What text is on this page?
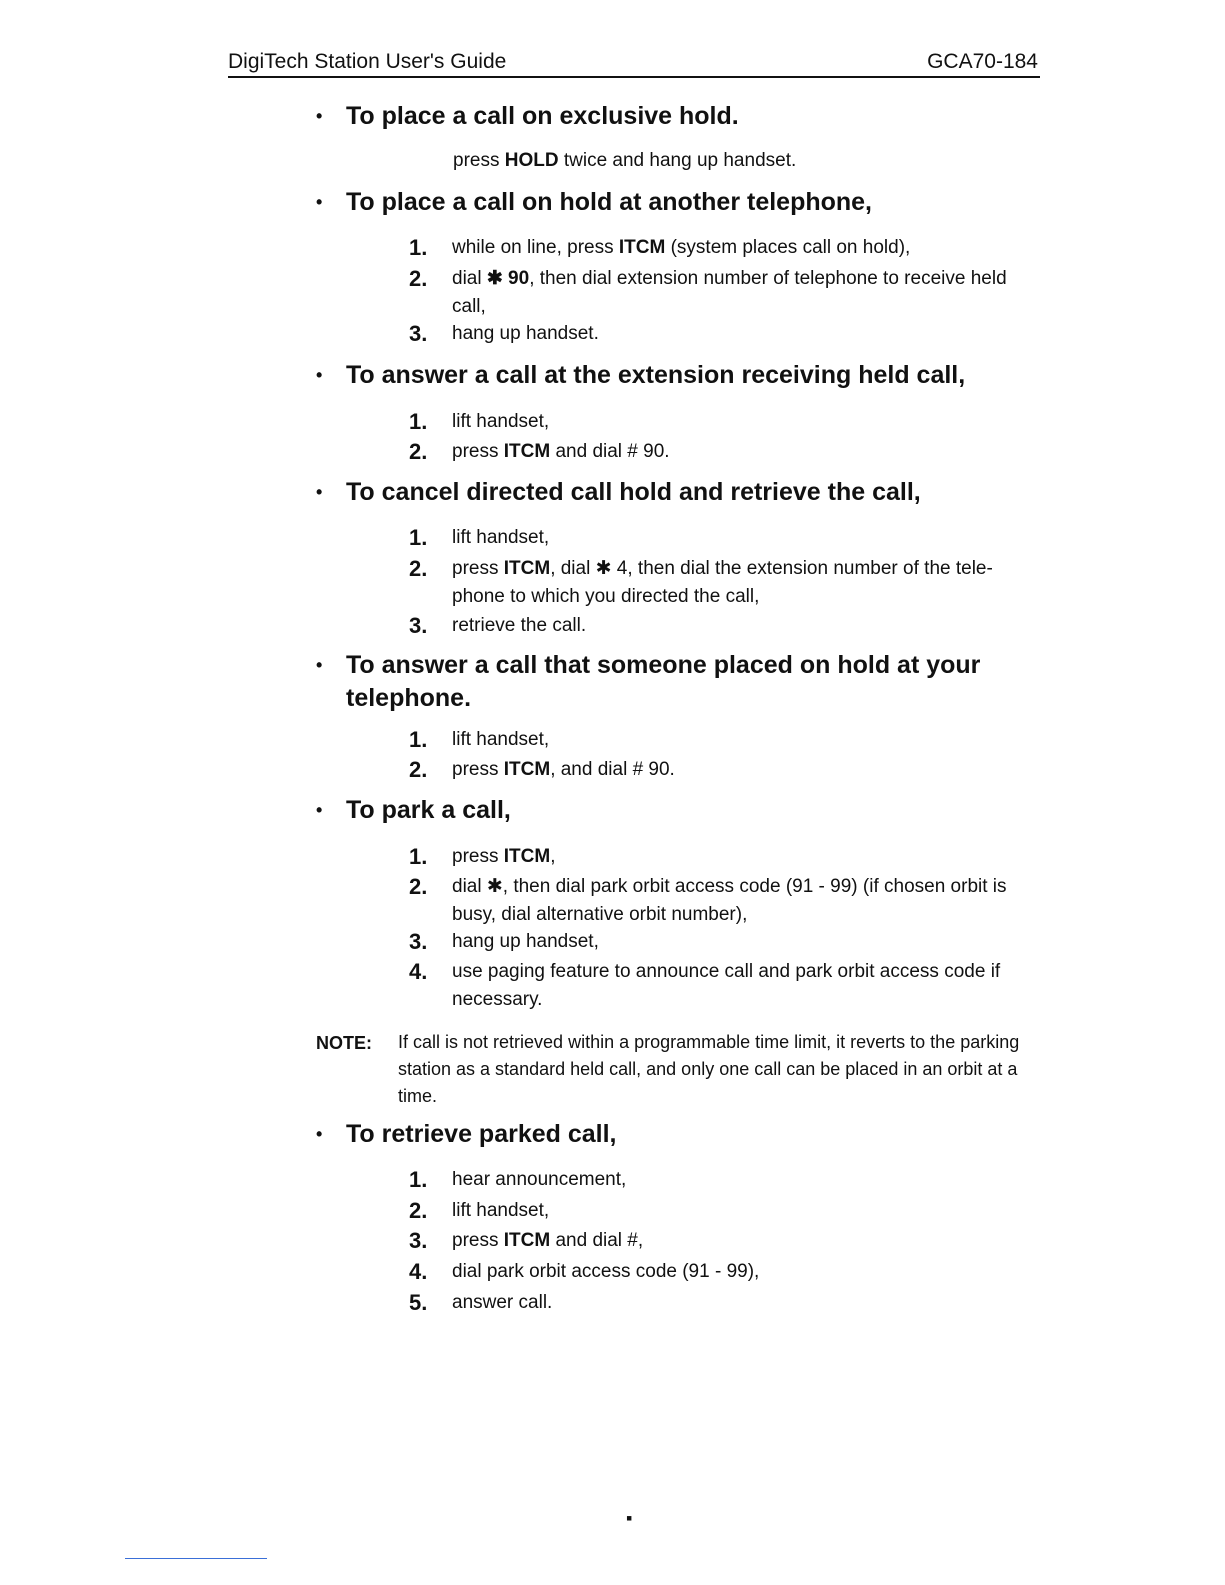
DigiTech Station User's Guide	GCA70-184
• To place a call on exclusive hold.
press HOLD twice and hang up handset.
• To place a call on hold at another telephone,
1.	while on line, press ITCM (system places call on hold),
2.	dial ✱ 90, then dial extension number of telephone to receive held call,
3.	hang up handset.
• To answer a call at the extension receiving held call,
1.	lift handset,
2.	press ITCM and dial # 90.
• To cancel directed call hold and retrieve the call,
1.	lift handset,
2.	press ITCM, dial ✱ 4, then dial the extension number of the tele-phone to which you directed the call,
3.	retrieve the call.
• To answer a call that someone placed on hold at your telephone.
1.	lift handset,
2.	press ITCM, and dial # 90.
• To park a call,
1.	press ITCM,
2.	dial ✱, then dial park orbit access code (91 - 99) (if chosen orbit is busy, dial alternative orbit number),
3.	hang up handset,
4.	use paging feature to announce call and park orbit access code if necessary.
NOTE: If call is not retrieved within a programmable time limit, it reverts to the parking station as a standard held call, and only one call can be placed in an orbit at a time.
• To retrieve parked call,
1.	hear announcement,
2.	lift handset,
3.	press ITCM and dial #,
4.	dial park orbit access code (91 - 99),
5.	answer call.
▪
